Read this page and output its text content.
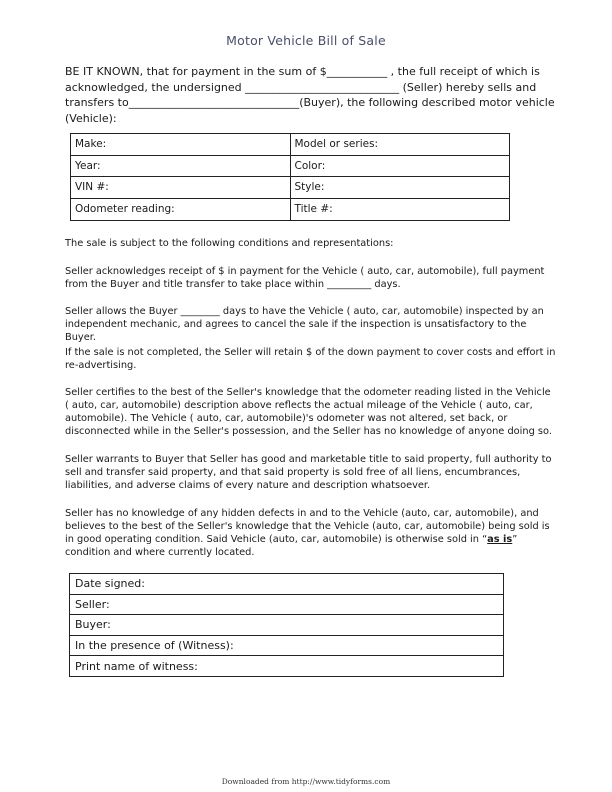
Motor Vehicle Bill of Sale
BE IT KNOWN, that for payment in the sum of $___________ , the full receipt of which is acknowledged, the undersigned ____________________________ (Seller) hereby sells and transfers to_______________________________(Buyer), the following described motor vehicle (Vehicle):
Make:	Model or series:
Year:	Color:
VIN #:	Style:
Odometer reading:	Title #:
The sale is subject to the following conditions and representations:
Seller acknowledges receipt of $ in payment for the Vehicle ( auto, car, automobile), full payment from the Buyer and title transfer to take place within _________ days.
Seller allows the Buyer ________ days to have the Vehicle ( auto, car, automobile) inspected by an independent mechanic, and agrees to cancel the sale if the inspection is unsatisfactory to the Buyer.
If the sale is not completed, the Seller will retain $ of the down payment to cover costs and effort in re-advertising.
Seller certifies to the best of the Seller's knowledge that the odometer reading listed in the Vehicle ( auto, car, automobile) description above reflects the actual mileage of the Vehicle ( auto, car, automobile). The Vehicle ( auto, car, automobile)'s odometer was not altered, set back, or disconnected while in the Seller's possession, and the Seller has no knowledge of anyone doing so.
Seller warrants to Buyer that Seller has good and marketable title to said property, full authority to sell and transfer said property, and that said property is sold free of all liens, encumbrances, liabilities, and adverse claims of every nature and description whatsoever.
Seller has no knowledge of any hidden defects in and to the Vehicle (auto, car, automobile), and believes to the best of the Seller's knowledge that the Vehicle (auto, car, automobile) being sold is in good operating condition. Said Vehicle (auto, car, automobile) is otherwise sold in “as is” condition and where currently located.
Date signed:
Seller:
Buyer:
In the presence of (Witness):
Print name of witness:
Downloaded from http://www.tidyforms.com
